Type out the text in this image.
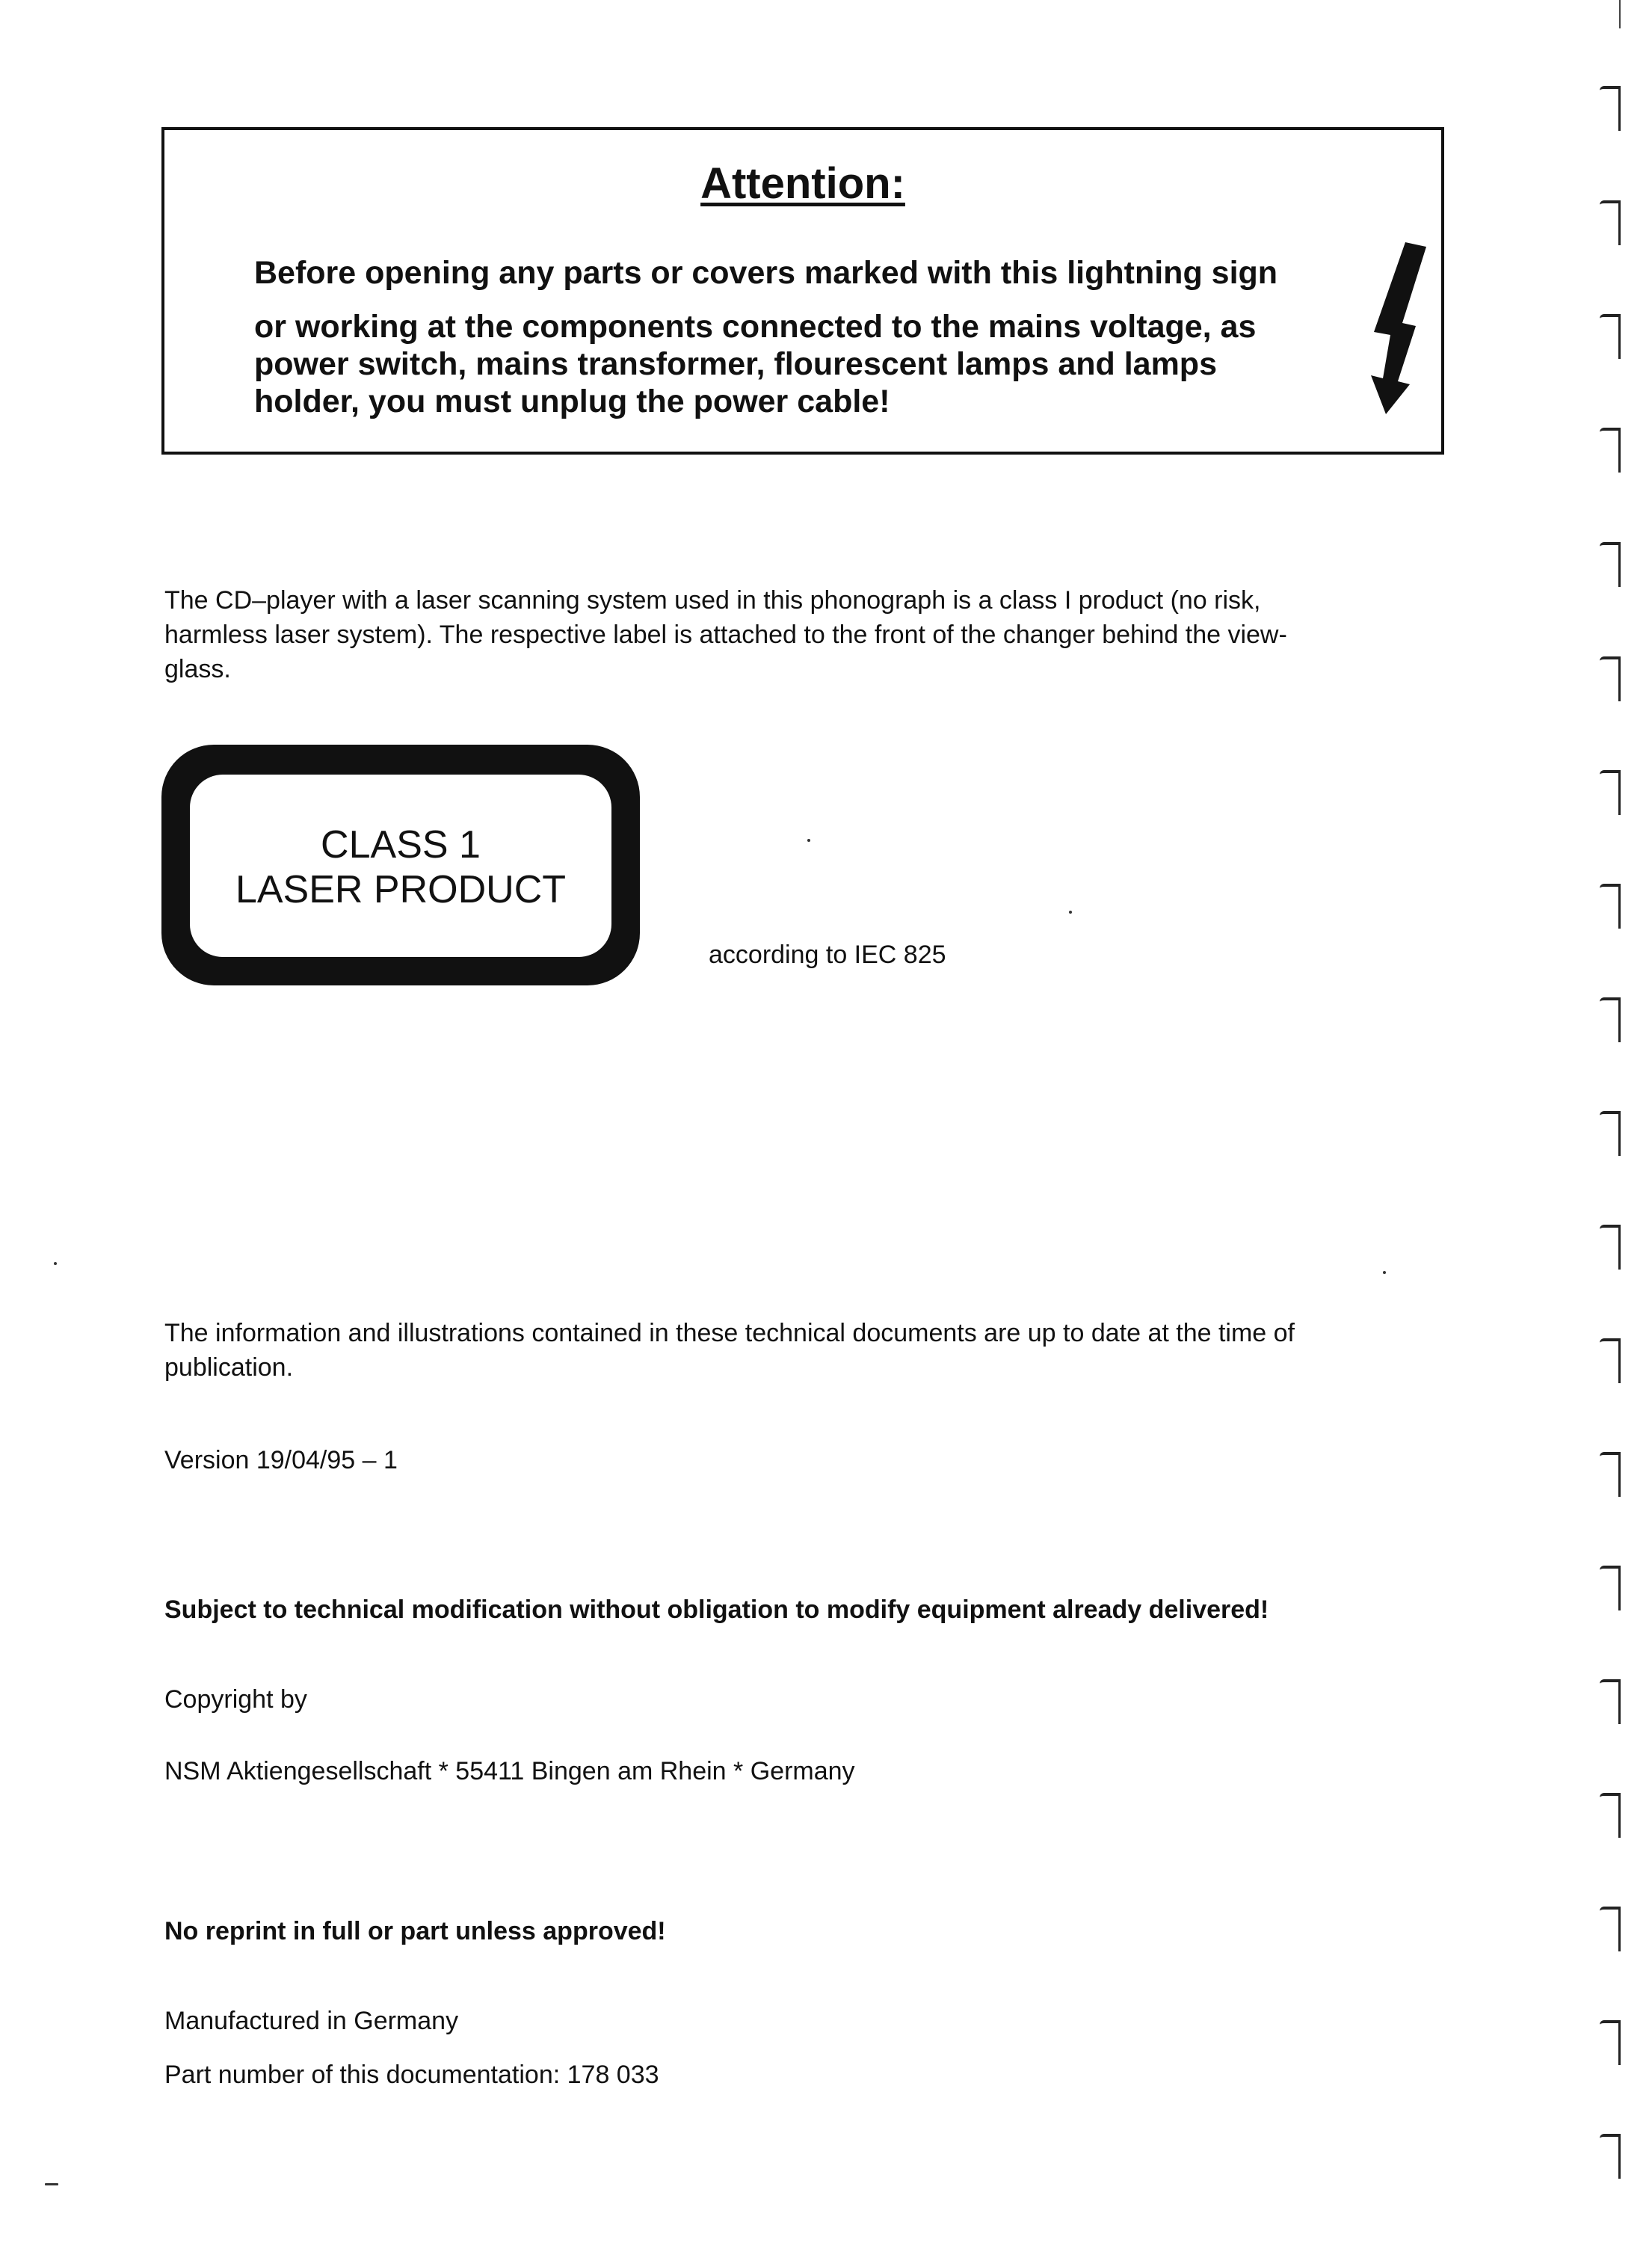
Attention:
Before opening any parts or covers marked with this lightning sign
or working at the components connected to the mains voltage, as
power switch, mains transformer, flourescent lamps and lamps
holder, you must unplug the power cable!
The CD–player with a laser scanning system used in this phonograph is a class I product (no risk,
harmless laser system). The respective label is attached to the front of the changer behind the view-
glass.
CLASS 1
LASER PRODUCT
according to IEC 825
The information and illustrations contained in these technical documents are up to date at the time of
publication.
Version 19/04/95 – 1
Subject to technical modification without obligation to modify equipment already delivered!
Copyright by
NSM Aktiengesellschaft * 55411 Bingen am Rhein * Germany
No reprint in full or part unless approved!
Manufactured in Germany
Part number of this documentation: 178 033
